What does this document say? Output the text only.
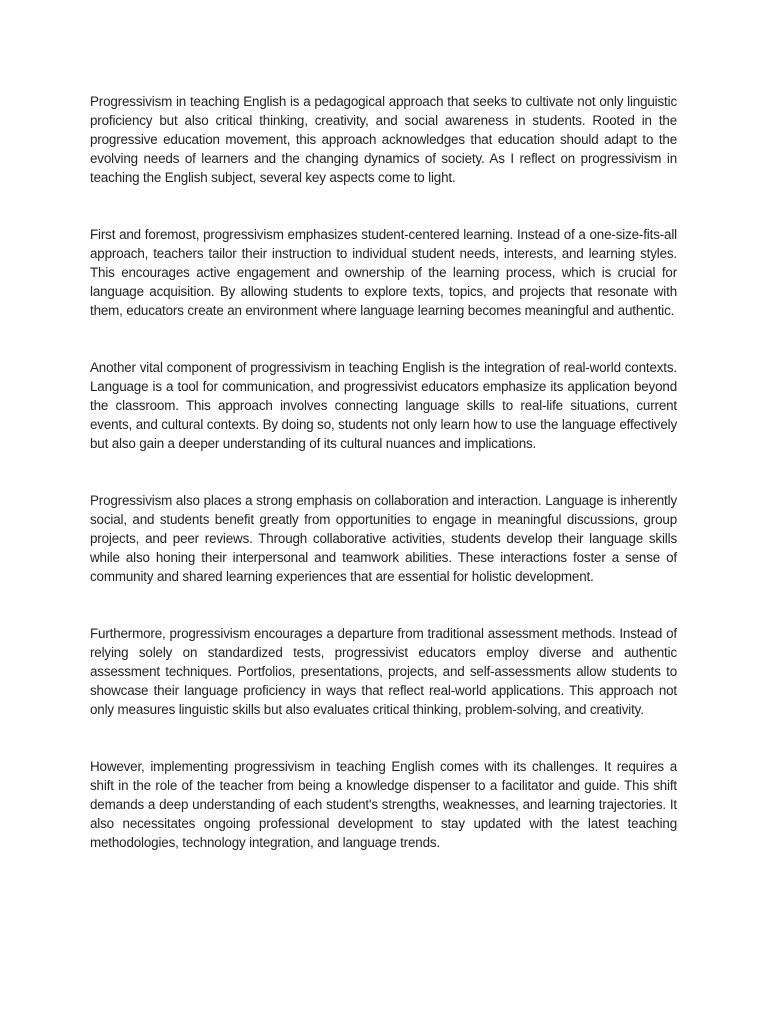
Progressivism in teaching English is a pedagogical approach that seeks to cultivate not only linguistic proficiency but also critical thinking, creativity, and social awareness in students. Rooted in the progressive education movement, this approach acknowledges that education should adapt to the evolving needs of learners and the changing dynamics of society. As I reflect on progressivism in teaching the English subject, several key aspects come to light.

First and foremost, progressivism emphasizes student-centered learning. Instead of a one-size-fits-all approach, teachers tailor their instruction to individual student needs, interests, and learning styles. This encourages active engagement and ownership of the learning process, which is crucial for language acquisition. By allowing students to explore texts, topics, and projects that resonate with them, educators create an environment where language learning becomes meaningful and authentic.

Another vital component of progressivism in teaching English is the integration of real-world contexts. Language is a tool for communication, and progressivist educators emphasize its application beyond the classroom. This approach involves connecting language skills to real-life situations, current events, and cultural contexts. By doing so, students not only learn how to use the language effectively but also gain a deeper understanding of its cultural nuances and implications.

Progressivism also places a strong emphasis on collaboration and interaction. Language is inherently social, and students benefit greatly from opportunities to engage in meaningful discussions, group projects, and peer reviews. Through collaborative activities, students develop their language skills while also honing their interpersonal and teamwork abilities. These interactions foster a sense of community and shared learning experiences that are essential for holistic development.

Furthermore, progressivism encourages a departure from traditional assessment methods. Instead of relying solely on standardized tests, progressivist educators employ diverse and authentic assessment techniques. Portfolios, presentations, projects, and self-assessments allow students to showcase their language proficiency in ways that reflect real-world applications. This approach not only measures linguistic skills but also evaluates critical thinking, problem-solving, and creativity.

However, implementing progressivism in teaching English comes with its challenges. It requires a shift in the role of the teacher from being a knowledge dispenser to a facilitator and guide. This shift demands a deep understanding of each student's strengths, weaknesses, and learning trajectories. It also necessitates ongoing professional development to stay updated with the latest teaching methodologies, technology integration, and language trends.
